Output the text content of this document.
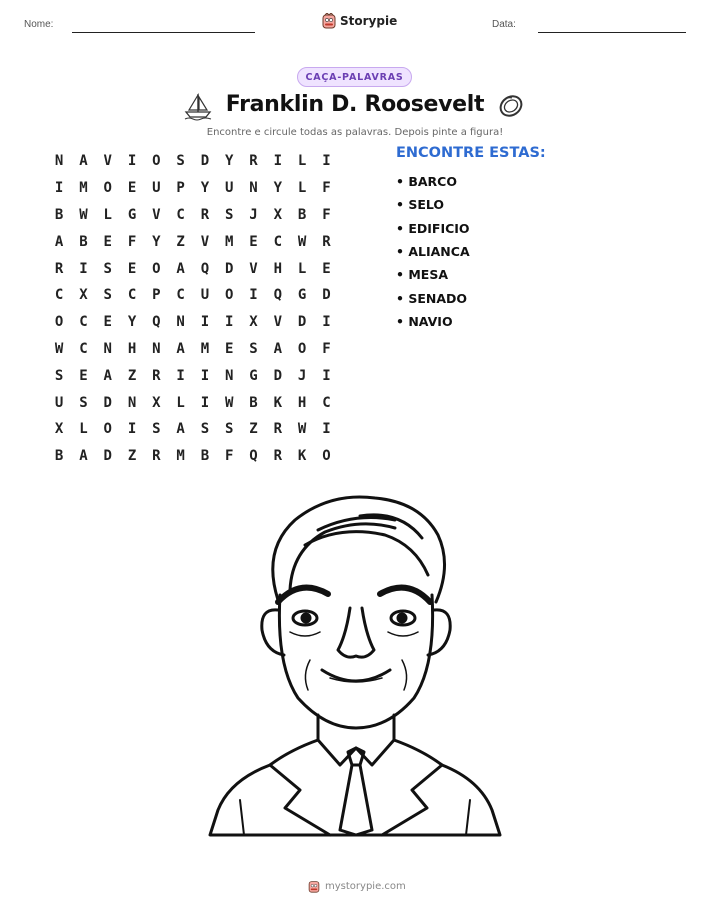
Nome:	Storypie	Data:
CAÇA-PALAVRAS
Franklin D. Roosevelt
Encontre e circule todas as palavras. Depois pinte a figura!
N	A	V	I	O	S	D	Y	R	I	L	I
I	M	O	E	U	P	Y	U	N	Y	L	F
B	W	L	G	V	C	R	S	J	X	B	F
A	B	E	F	Y	Z	V	M	E	C	W	R
R	I	S	E	O	A	Q	D	V	H	L	E
C	X	S	C	P	C	U	O	I	Q	G	D
O	C	E	Y	Q	N	I	I	X	V	D	I
W	C	N	H	N	A	M	E	S	A	O	F
S	E	A	Z	R	I	I	N	G	D	J	I
U	S	D	N	X	L	I	W	B	K	H	C
X	L	O	I	S	A	S	S	Z	R	W	I
B	A	D	Z	R	M	B	F	Q	R	K	O
ENCONTRE ESTAS:
• BARCO
• SELO
• EDIFICIO
• ALIANCA
• MESA
• SENADO
• NAVIO
mystorypie.com
